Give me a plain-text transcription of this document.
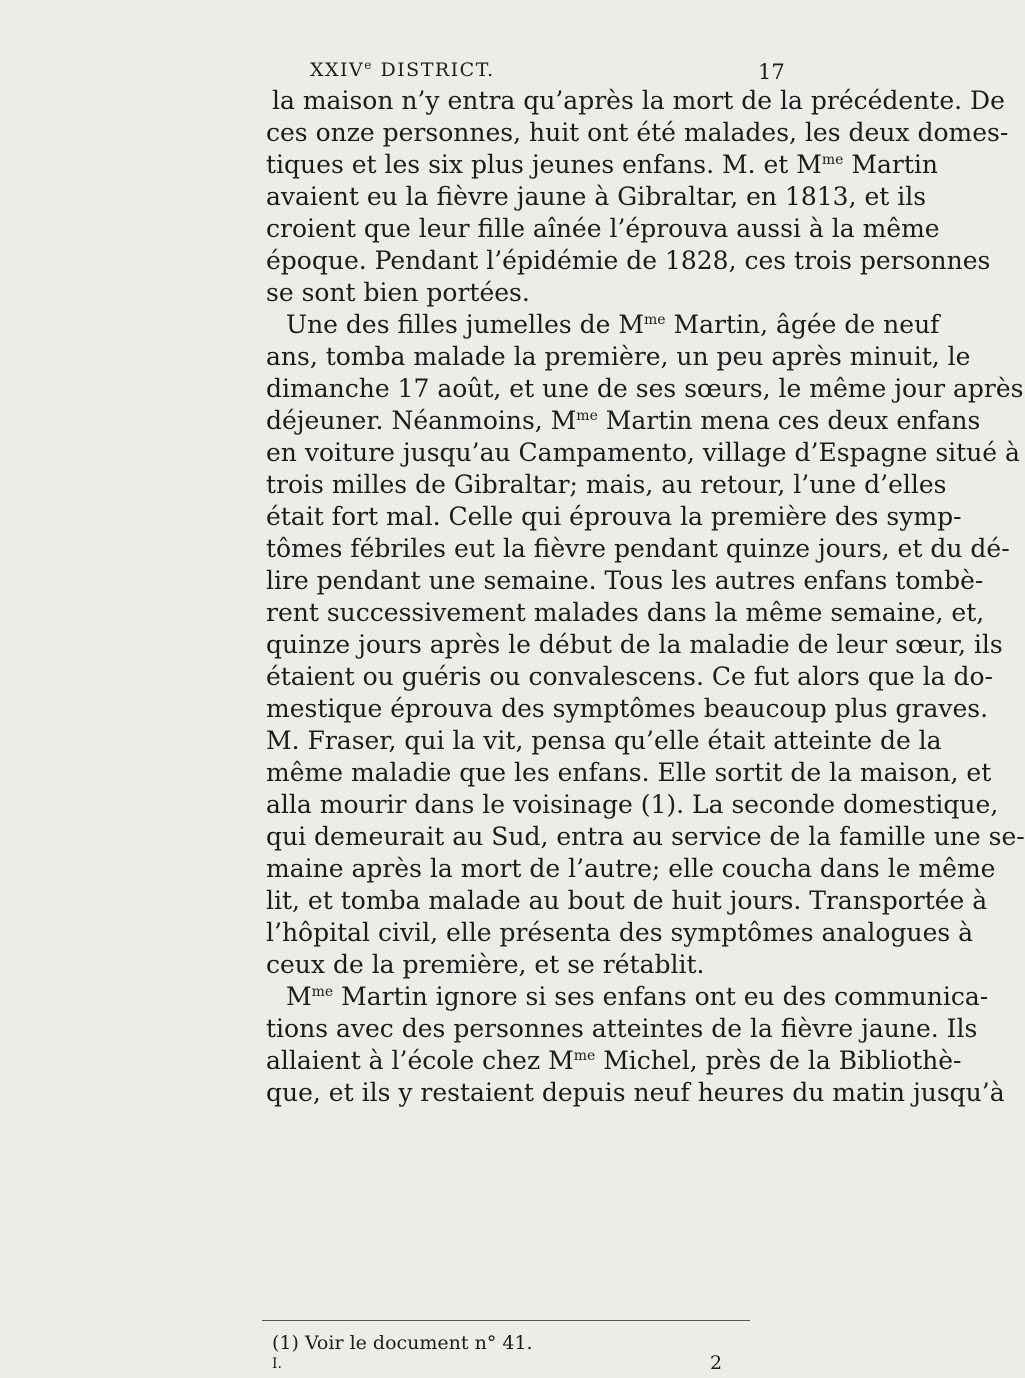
XXIVe DISTRICT.	17
la maison n’y entra qu’après la mort de la précédente. De
ces onze personnes, huit ont été malades, les deux domes-
tiques et les six plus jeunes enfans. M. et $M^{me}$ Martin
avaient eu la fièvre jaune à Gibraltar, en 1813, et ils
croient que leur fille aînée l’éprouva aussi à la même
époque. Pendant l’épidémie de 1828, ces trois personnes
se sont bien portées.
Une des filles jumelles de $M^{me}$ Martin, âgée de neuf
ans, tomba malade la première, un peu après minuit, le
dimanche 17 août, et une de ses sœurs, le même jour après
déjeuner. Néanmoins, $M^{me}$ Martin mena ces deux enfans
en voiture jusqu’au Campamento, village d’Espagne situé à
trois milles de Gibraltar; mais, au retour, l’une d’elles
était fort mal. Celle qui éprouva la première des symp-
tômes fébriles eut la fièvre pendant quinze jours, et du dé-
lire pendant une semaine. Tous les autres enfans tombè-
rent successivement malades dans la même semaine, et,
quinze jours après le début de la maladie de leur sœur, ils
étaient ou guéris ou convalescens. Ce fut alors que la do-
mestique éprouva des symptômes beaucoup plus graves.
M. Fraser, qui la vit, pensa qu’elle était atteinte de la
même maladie que les enfans. Elle sortit de la maison, et
alla mourir dans le voisinage (1). La seconde domestique,
qui demeurait au Sud, entra au service de la famille une se-
maine après la mort de l’autre; elle coucha dans le même
lit, et tomba malade au bout de huit jours. Transportée à
l’hôpital civil, elle présenta des symptômes analogues à
ceux de la première, et se rétablit.
$M^{me}$ Martin ignore si ses enfans ont eu des communica-
tions avec des personnes atteintes de la fièvre jaune. Ils
allaient à l’école chez $M^{me}$ Michel, près de la Bibliothè-
que, et ils y restaient depuis neuf heures du matin jusqu’à
(1) Voir le document n° 41.
I.	2
